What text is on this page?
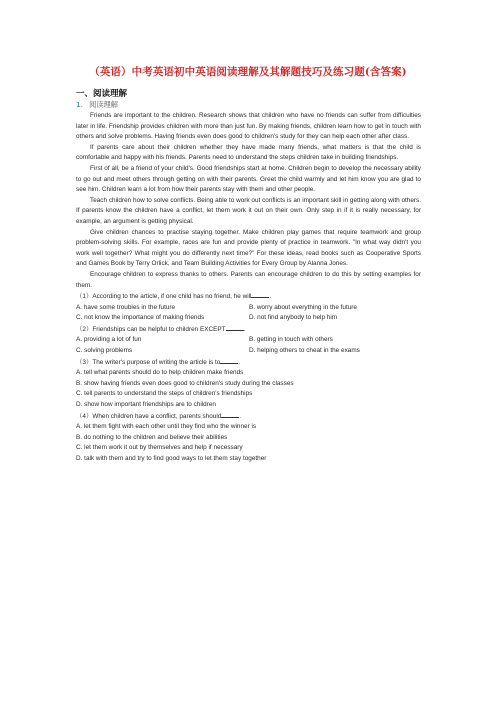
（英语）中考英语初中英语阅读理解及其解题技巧及练习题(含答案)
一、阅读理解
1. 阅读理解

Friends are important to the children. Research shows that children who have no friends can suffer from difficulties later in life. Friendship provides children with more than just fun. By making friends, children learn how to get in touch with others and solve problems. Having friends even does good to children's study for they can help each other after class.

If parents care about their children whether they have made many friends, what matters is that the child is comfortable and happy with his friends. Parents need to understand the steps children take in building friendships.

First of all, be a friend of your child's. Good friendships start at home. Children begin to develop the necessary ability to go out and meet others through getting on with their parents. Greet the child warmly and let him know you are glad to see him. Children learn a lot from how their parents stay with them and other people.

Teach children how to solve conflicts. Being able to work out conflicts is an important skill in getting along with others. If parents know the children have a conflict, let them work it out on their own. Only step in if it is really necessary, for example, an argument is getting physical.

Give children chances to practise staying together. Make children play games that require teamwork and group problem-solving skills. For example, races are fun and provide plenty of practice in teamwork. "In what way didn't you work well together? What might you do differently next time?" For these ideas, read books such as Cooperative Sports and Games Book by Terry Orlick, and Team Building Activities for Every Group by Alanna Jones.

Encourage children to express thanks to others. Parents can encourage children to do this by setting examples for them.

（1）According to the article, if one child has no friend, he will	.
A. have some troubles in the future	B. worry about everything in the future
C. not know the importance of making friends	D. not find anybody to help him
（2）Friendships can be helpful to children EXCEPT	.
A. providing a lot of fun	B. getting in touch with others
C. solving problems	D. helping others to cheat in the exams
（3）The writer's purpose of writing the article is to	.
A. tell what parents should do to help children make friends
B. show having friends even does good to children's study during the classes
C. tell parents to understand the steps of children's friendships
D. show how important friendships are to children
（4）When children have a conflict, parents should	.
A. let them fight with each other until they find who the winner is
B. do nothing to the children and believe their abilities
C. let them work it out by themselves and help if necessary
D. talk with them and try to find good ways to let them stay together
